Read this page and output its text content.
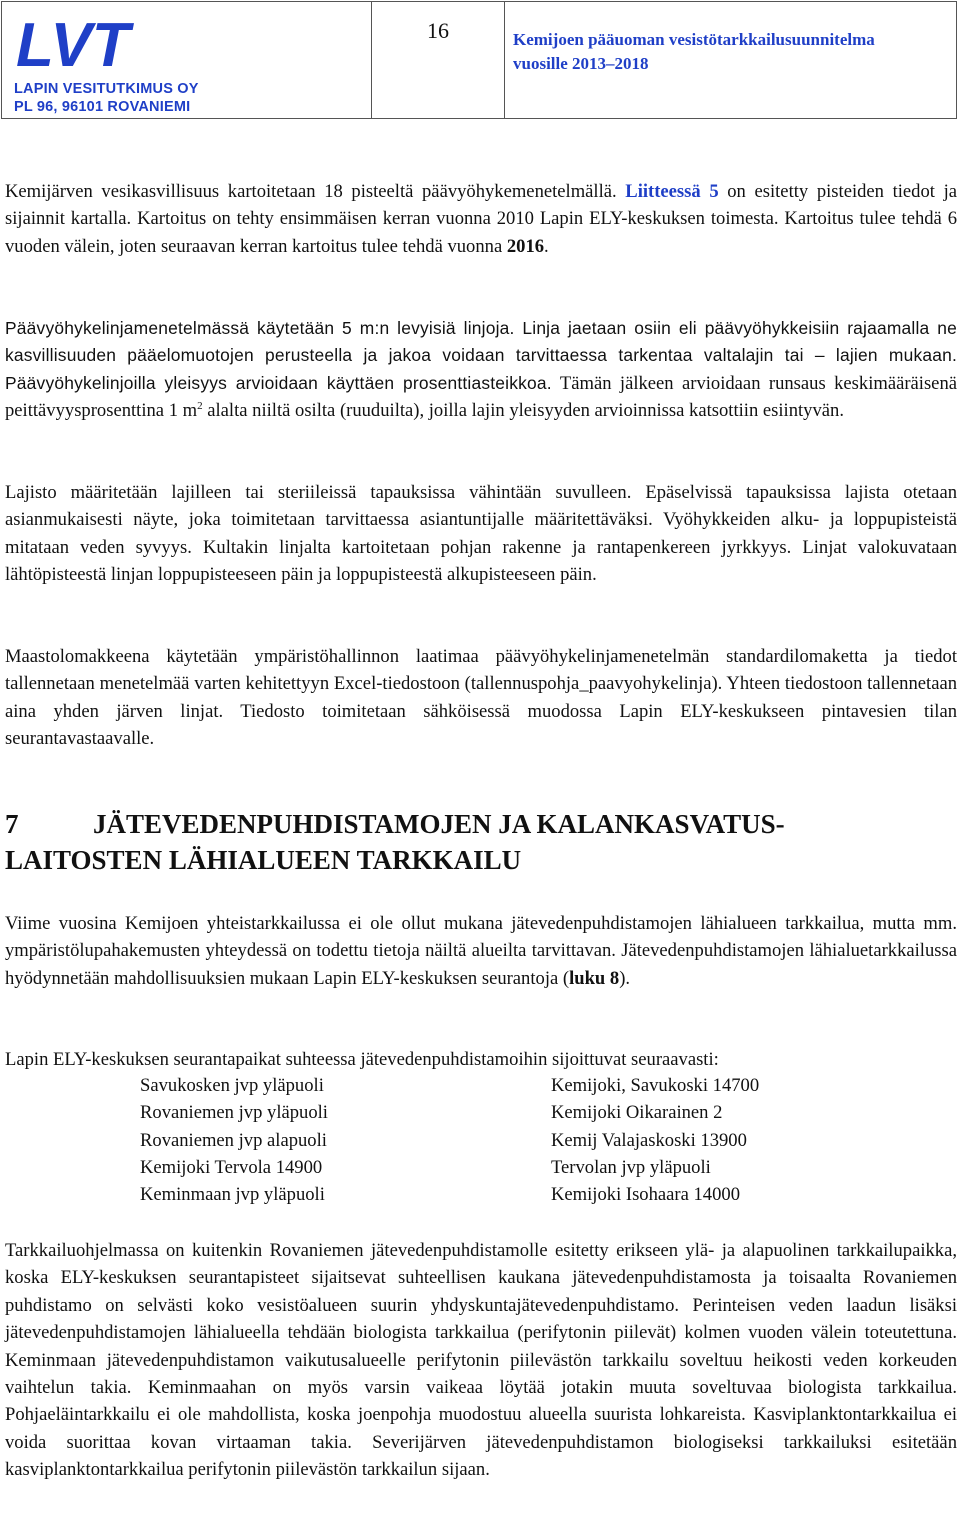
LVT
LAPIN VESITUTKIMUS OY
PL 96, 96101 ROVANIEMI
16	Kemijoen pääuoman vesistötarkkailusuunnitelma
vuosille 2013–2018
Kemijärven vesikasvillisuus kartoitetaan 18 pisteeltä päävyöhykemenetelmällä. Liitteessä 5 on esitetty pisteiden tiedot ja sijainnit kartalla. Kartoitus on tehty ensimmäisen kerran vuonna 2010 Lapin ELY-keskuksen toimesta. Kartoitus tulee tehdä 6 vuoden välein, joten seuraavan kerran kartoitus tulee tehdä vuonna 2016.
Päävyöhykelinjamenetelmässä käytetään 5 m:n levyisiä linjoja. Linja jaetaan osiin eli päävyöhykkeisiin rajaamalla ne kasvillisuuden pääelomuotojen perusteella ja jakoa voidaan tarvittaessa tarkentaa valtalajin tai – lajien mukaan. Päävyöhykelinjoilla yleisyys arvioidaan käyttäen prosenttiasteikkoa. Tämän jälkeen arvioidaan runsaus keskimääräisenä peittävyysprosenttina 1 $m^2$ alalta niiltä osilta (ruuduilta), joilla lajin yleisyyden arvioinnissa katsottiin esiintyvän.
Lajisto määritetään lajilleen tai steriileissä tapauksissa vähintään suvulleen. Epäselvissä tapauksissa lajista otetaan asianmukaisesti näyte, joka toimitetaan tarvittaessa asiantuntijalle määritettäväksi. Vyöhykkeiden alku- ja loppupisteistä mitataan veden syvyys. Kultakin linjalta kartoitetaan pohjan rakenne ja rantapenkereen jyrkkyys. Linjat valokuvataan lähtöpisteestä linjan loppupisteeseen päin ja loppupisteestä alkupisteeseen päin.
Maastolomakkeena käytetään ympäristöhallinnon laatimaa päävyöhykelinjamenetelmän standardilomaketta ja tiedot tallennetaan menetelmää varten kehitettyyn Excel-tiedostoon (tallennuspohja_paavyohykelinja). Yhteen tiedostoon tallennetaan aina yhden järven linjat. Tiedosto toimitetaan sähköisessä muodossa Lapin ELY-keskukseen pintavesien tilan seurantavastaavalle.
7	JÄTEVEDENPUHDISTAMOJEN JA KALANKASVATUS-
LAITOSTEN LÄHIALUEEN TARKKAILU
Viime vuosina Kemijoen yhteistarkkailussa ei ole ollut mukana jätevedenpuhdistamojen lähialueen tarkkailua, mutta mm. ympäristölupahakemusten yhteydessä on todettu tietoja näiltä alueilta tarvittavan. Jätevedenpuhdistamojen lähialuetarkkailussa hyödynnetään mahdollisuuksien mukaan Lapin ELY-keskuksen seurantoja (luku 8).
Lapin ELY-keskuksen seurantapaikat suhteessa jätevedenpuhdistamoihin sijoittuvat seuraavasti:
Savukosken jvp yläpuoli	Kemijoki, Savukoski 14700
Rovaniemen jvp yläpuoli	Kemijoki Oikarainen 2
Rovaniemen jvp alapuoli	Kemij Valajaskoski 13900
Kemijoki Tervola 14900	Tervolan jvp yläpuoli
Keminmaan jvp yläpuoli	Kemijoki Isohaara 14000
Tarkkailuohjelmassa on kuitenkin Rovaniemen jätevedenpuhdistamolle esitetty erikseen ylä- ja alapuolinen tarkkailupaikka, koska ELY-keskuksen seurantapisteet sijaitsevat suhteellisen kaukana jätevedenpuhdistamosta ja toisaalta Rovaniemen puhdistamo on selvästi koko vesistöalueen suurin yhdyskuntajätevedenpuhdistamo. Perinteisen veden laadun lisäksi jätevedenpuhdistamojen lähialueella tehdään biologista tarkkailua (perifytonin piilevät) kolmen vuoden välein toteutettuna. Keminmaan jätevedenpuhdistamon vaikutusalueelle perifytonin piilevästön tarkkailu soveltuu heikosti veden korkeuden vaihtelun takia. Keminmaahan on myös varsin vaikeaa löytää jotakin muuta soveltuvaa biologista tarkkailua. Pohjaeläintarkkailu ei ole mahdollista, koska joenpohja muodostuu alueella suurista lohkareista. Kasviplanktontarkkailua ei voida suorittaa kovan virtaaman takia. Severijärven jätevedenpuhdistamon biologiseksi tarkkailuksi esitetään kasviplanktontarkkailua perifytonin piilevästön tarkkailun sijaan.
